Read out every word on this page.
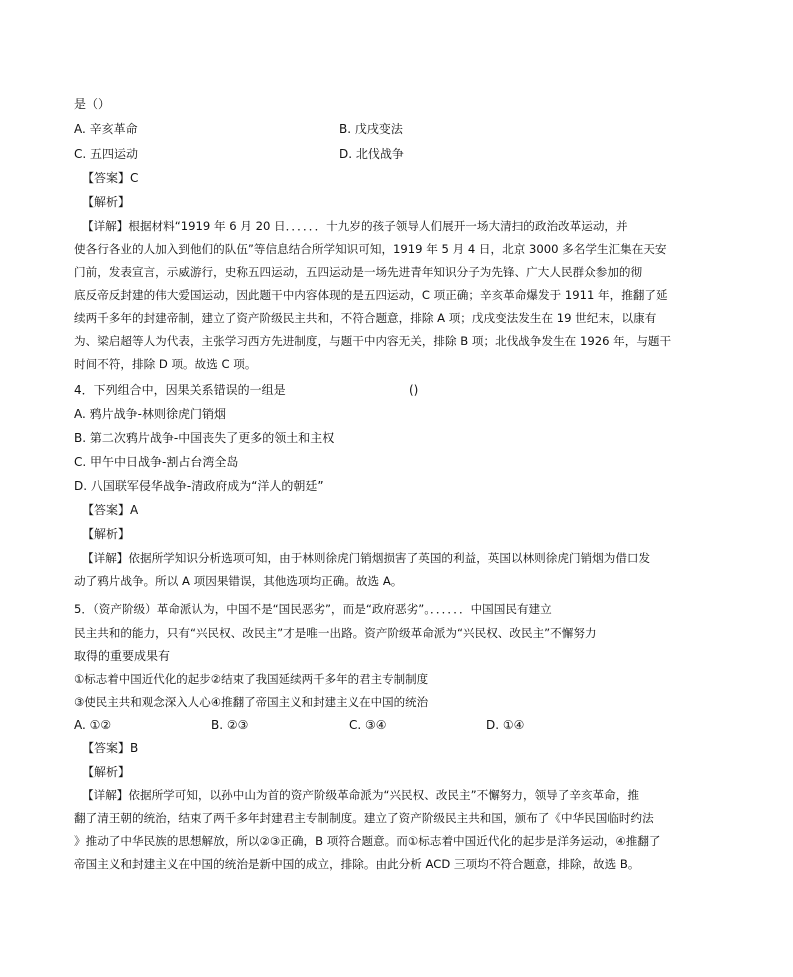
是（）
A. 辛亥革命	B. 戊戌变法
C. 五四运动	D. 北伐战争
【答案】C
【解析】
【详解】根据材料“1919 年 6 月 20 日．．．．．．十九岁的孩子领导人们展开一场大清扫的政治改革运动，并
使各行各业的人加入到他们的队伍”等信息结合所学知识可知，1919 年 5 月 4 日，北京 3000 多名学生汇集在天安
门前，发表宣言，示威游行，史称五四运动，五四运动是一场先进青年知识分子为先锋、广大人民群众参加的彻
底反帝反封建的伟大爱国运动，因此题干中内容体现的是五四运动，C 项正确；辛亥革命爆发于 1911 年，推翻了延
续两千多年的封建帝制，建立了资产阶级民主共和，不符合题意，排除 A 项；戊戌变法发生在 19 世纪末，以康有
为、梁启超等人为代表，主张学习西方先进制度，与题干中内容无关，排除 B 项；北伐战争发生在 1926 年，与题干
时间不符，排除 D 项。故选 C 项。
4．下列组合中，因果关系错误的一组是	()
A. 鸦片战争-林则徐虎门销烟
B. 第二次鸦片战争-中国丧失了更多的领土和主权
C. 甲午中日战争-割占台湾全岛
D. 八国联军侵华战争-清政府成为“洋人的朝廷”
【答案】A
【解析】
【详解】依据所学知识分析选项可知，由于林则徐虎门销烟损害了英国的利益，英国以林则徐虎门销烟为借口发
动了鸦片战争。所以 A 项因果错误，其他选项均正确。故选 A。
5．（资产阶级）革命派认为，中国不是“国民恶劣”，而是“政府恶劣”。．．．．．．中国国民有建立
民主共和的能力，只有“兴民权、改民主”才是唯一出路。资产阶级革命派为“兴民权、改民主”不懈努力
取得的重要成果有
①标志着中国近代化的起步②结束了我国延续两千多年的君主专制制度
③使民主共和观念深入人心④推翻了帝国主义和封建主义在中国的统治
A. ①②	B. ②③	C. ③④	D. ①④
【答案】B
【解析】
【详解】依据所学可知，以孙中山为首的资产阶级革命派为“兴民权、改民主”不懈努力，领导了辛亥革命，推
翻了清王朝的统治，结束了两千多年封建君主专制制度。建立了资产阶级民主共和国，颁布了《中华民国临时约法
》推动了中华民族的思想解放，所以②③正确，B 项符合题意。而①标志着中国近代化的起步是洋务运动，④推翻了
帝国主义和封建主义在中国的统治是新中国的成立，排除。由此分析 ACD 三项均不符合题意，排除，故选 B。
